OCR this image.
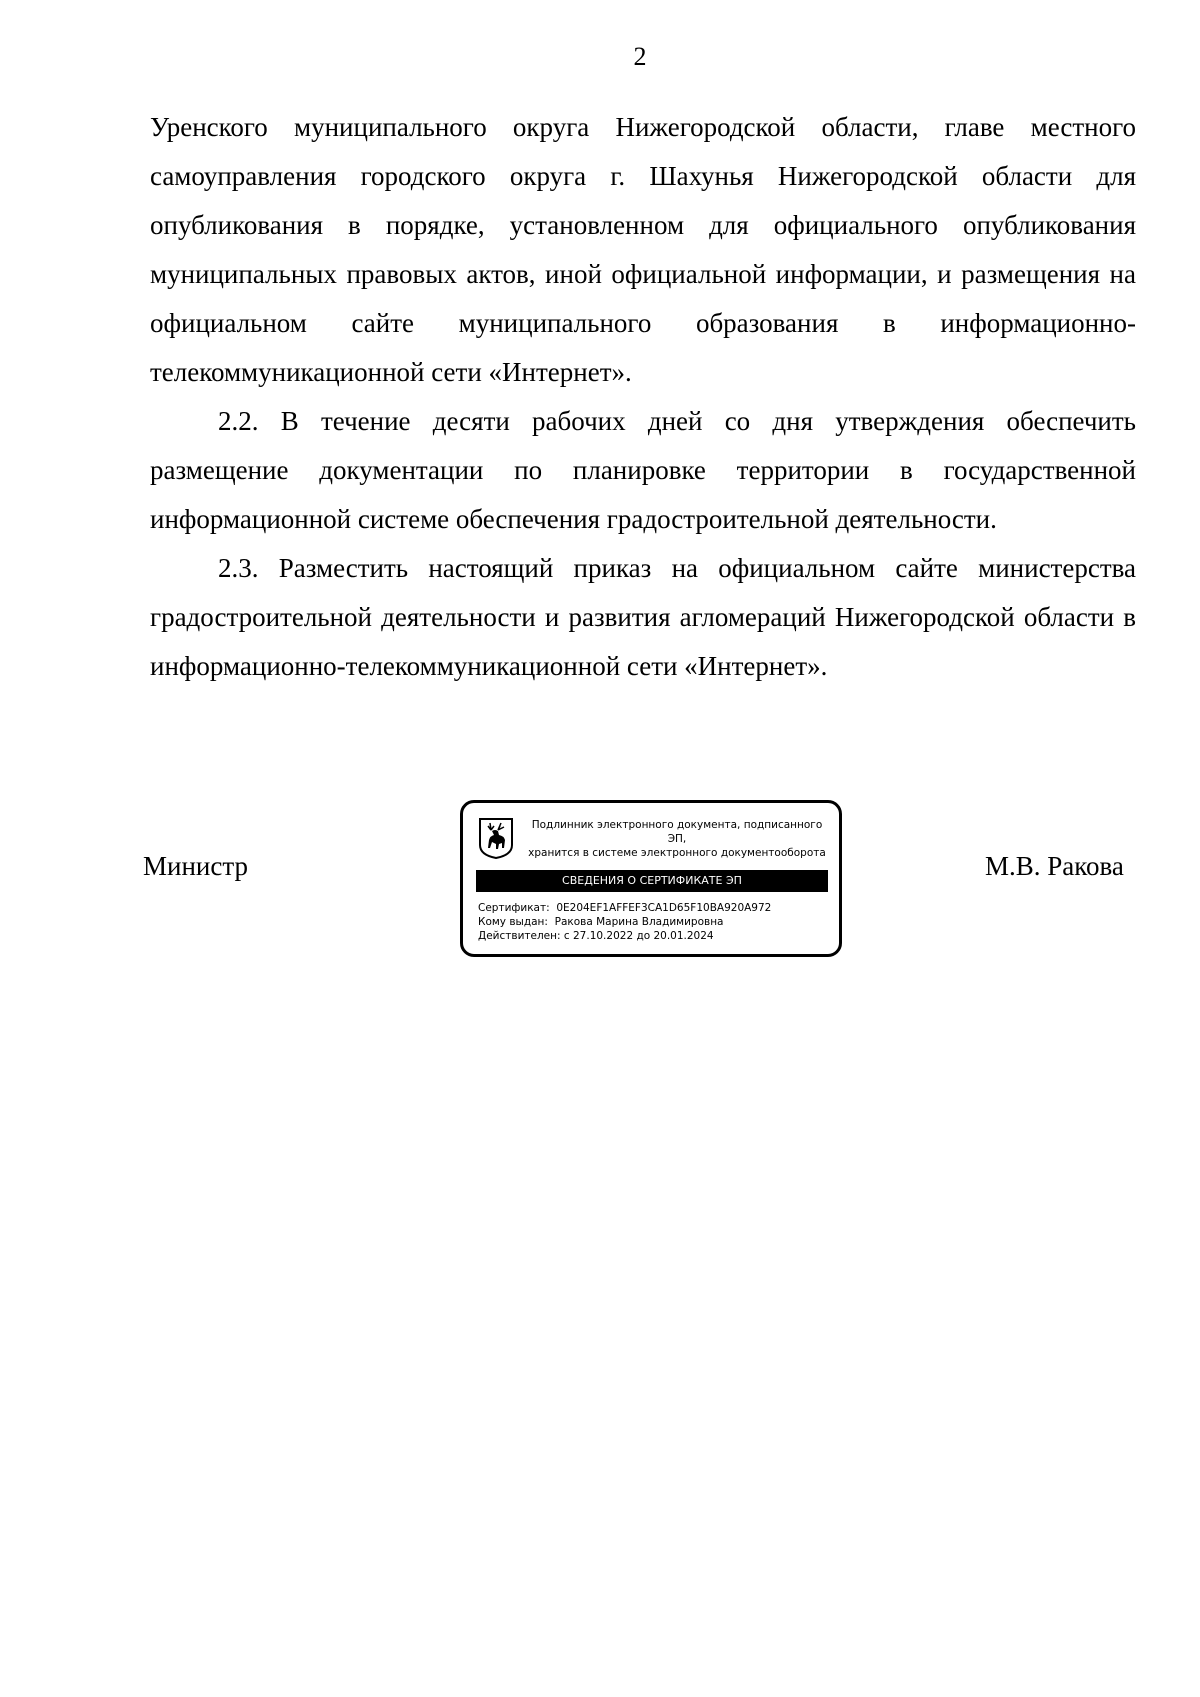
2

Уренского муниципального округа Нижегородской области, главе местного самоуправления городского округа г. Шахунья Нижегородской области для опубликования в порядке, установленном для официального опубликования муниципальных правовых актов, иной официальной информации, и размещения на официальном сайте муниципального образования в информационно-телекоммуникационной сети «Интернет».

2.2. В течение десяти рабочих дней со дня утверждения обеспечить размещение документации по планировке территории в государственной информационной системе обеспечения градостроительной деятельности.

2.3. Разместить настоящий приказ на официальном сайте министерства градостроительной деятельности и развития агломераций Нижегородской области в информационно-телекоммуникационной сети «Интернет».

Министр
Подлинник электронного документа, подписанного ЭП,
хранится в системе электронного документооборота
СВЕДЕНИЯ О СЕРТИФИКАТЕ ЭП
Сертификат: 0E204EF1AFFEF3CA1D65F10BA920A972
Кому выдан: Ракова Марина Владимировна
Действителен: с 27.10.2022 до 20.01.2024
М.В. Ракова
